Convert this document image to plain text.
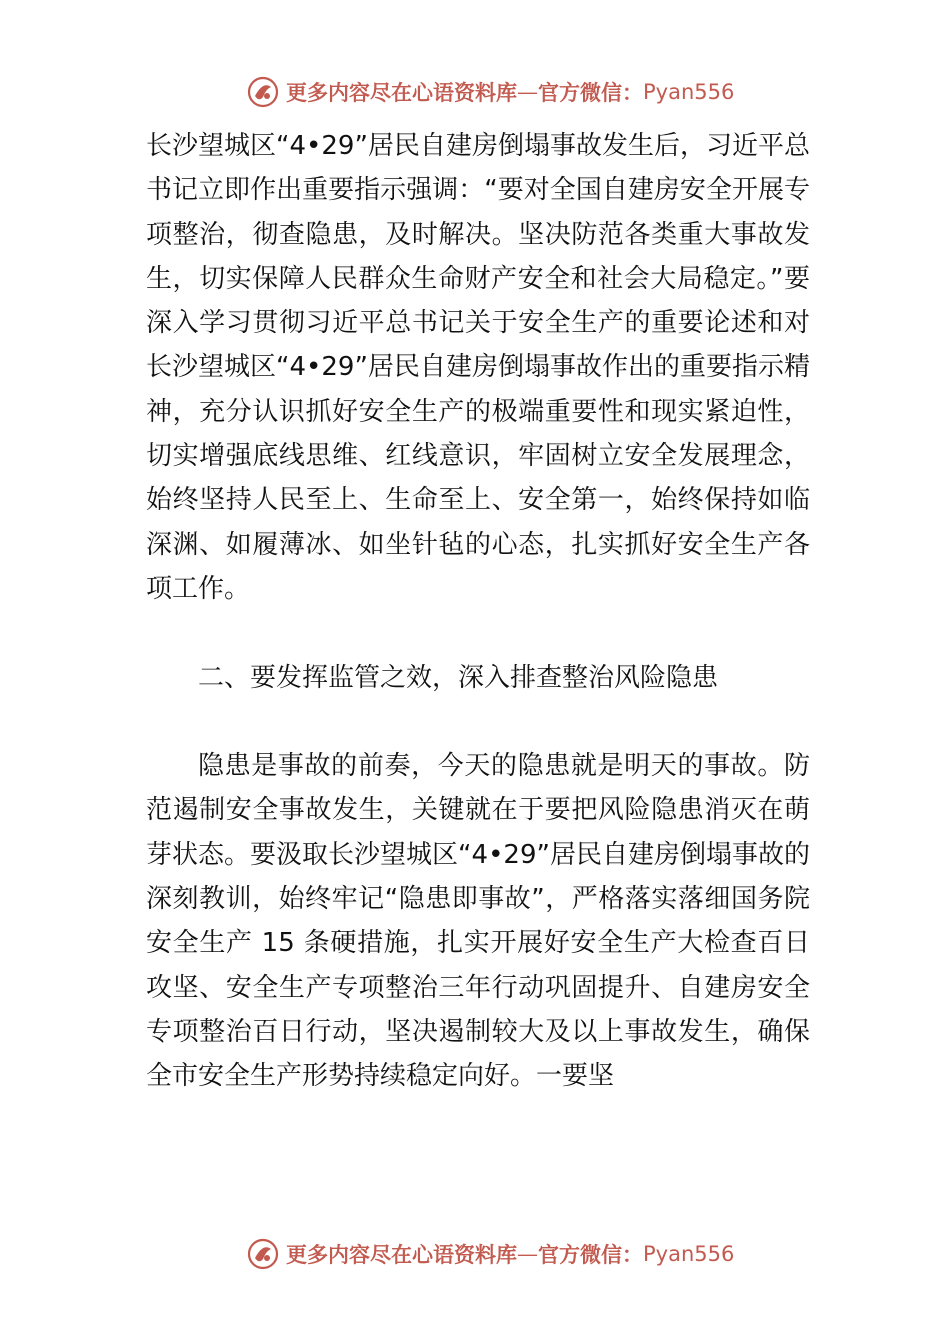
更多内容尽在心语资料库 — 官方微信： Pyan556

长沙望城区“4•29”居民自建房倒塌事故发生后，习近平总书记立即作出重要指示强调：“要对全国自建房安全开展专项整治，彻查隐患，及时解决。坚决防范各类重大事故发生，切实保障人民群众生命财产安全和社会大局稳定。”要深入学习贯彻习近平总书记关于安全生产的重要论述和对长沙望城区“4•29”居民自建房倒塌事故作出的重要指示精神，充分认识抓好安全生产的极端重要性和现实紧迫性，切实增强底线思维、红线意识，牢固树立安全发展理念，始终坚持人民至上、生命至上、安全第一，始终保持如临深渊、如履薄冰、如坐针毡的心态，扎实抓好安全生产各项工作。

二、要发挥监管之效，深入排查整治风险隐患

隐患是事故的前奏，今天的隐患就是明天的事故。防范遏制安全事故发生，关键就在于要把风险隐患消灭在萌芽状态。要汲取长沙望城区“4•29”居民自建房倒塌事故的深刻教训，始终牢记“隐患即事故”，严格落实落细国务院安全生产 15 条硬措施，扎实开展好安全生产大检查百日攻坚、安全生产专项整治三年行动巩固提升、自建房安全专项整治百日行动，坚决遏制较大及以上事故发生，确保全市安全生产形势持续稳定向好。一要坚

更多内容尽在心语资料库 — 官方微信： Pyan556
